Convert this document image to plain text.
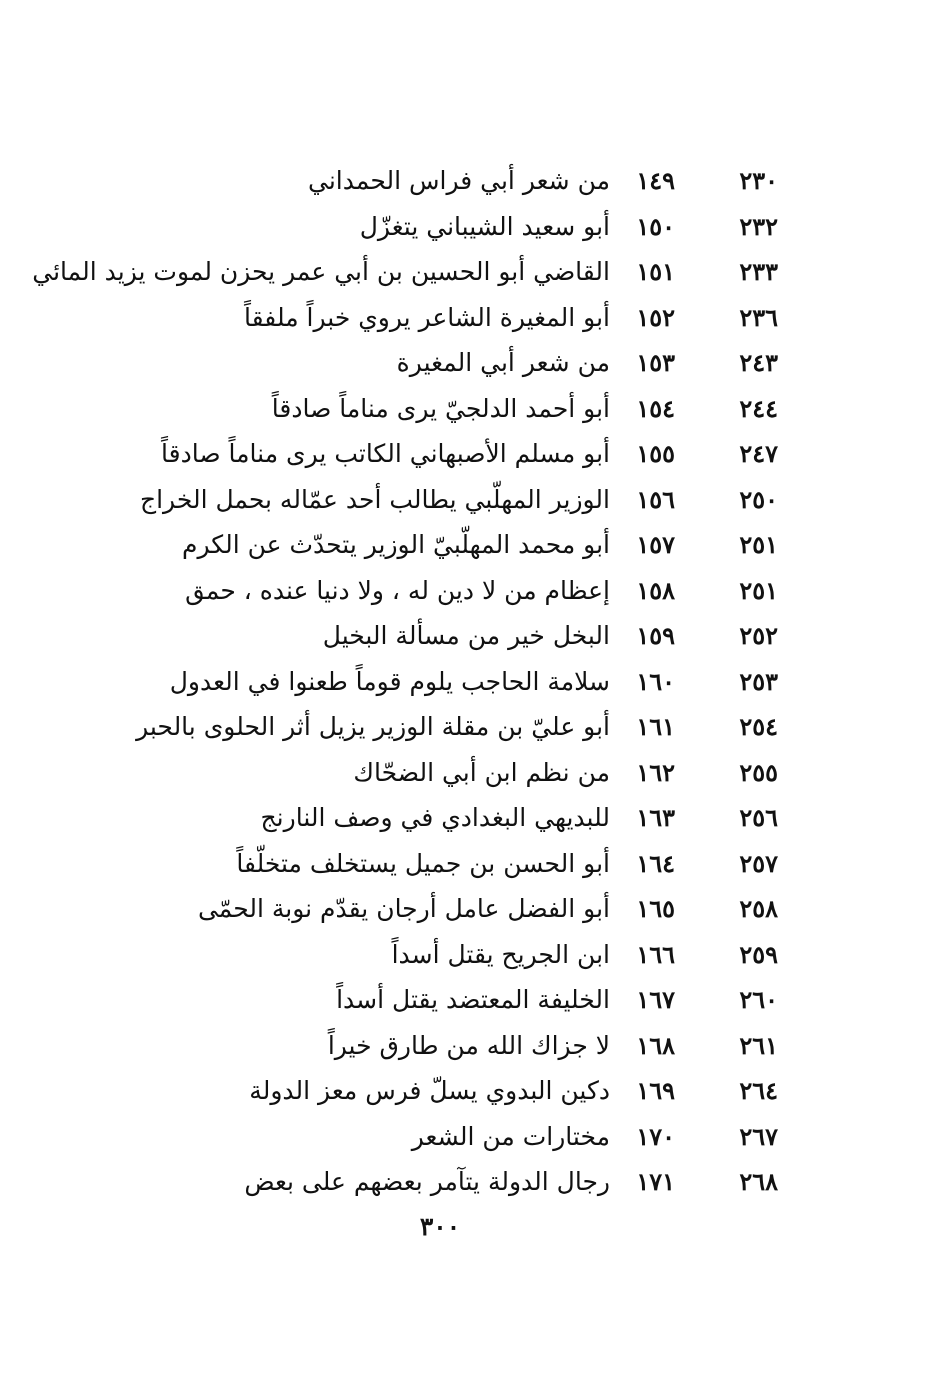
٢٣٠
١٤٩
من شعر أبي فراس الحمداني
٢٣٢
١٥٠
أبو سعيد الشيباني يتغزّل
٢٣٣
١٥١
القاضي أبو الحسين بن أبي عمر يحزن لموت يزيد المائي
٢٣٦
١٥٢
أبو المغيرة الشاعر يروي خبراً ملفقاً
٢٤٣
١٥٣
من شعر أبي المغيرة
٢٤٤
١٥٤
أبو أحمد الدلجيّ يرى مناماً صادقاً
٢٤٧
١٥٥
أبو مسلم الأصبهاني الكاتب يرى مناماً صادقاً
٢٥٠
١٥٦
الوزير المهلّبي يطالب أحد عمّاله بحمل الخراج
٢٥١
١٥٧
أبو محمد المهلّبيّ الوزير يتحدّث عن الكرم
٢٥١
١٥٨
إعظام من لا دين له ، ولا دنيا عنده ، حمق
٢٥٢
١٥٩
البخل خير من مسألة البخيل
٢٥٣
١٦٠
سلامة الحاجب يلوم قوماً طعنوا في العدول
٢٥٤
١٦١
أبو عليّ بن مقلة الوزير يزيل أثر الحلوى بالحبر
٢٥٥
١٦٢
من نظم ابن أبي الضحّاك
٢٥٦
١٦٣
للبديهي البغدادي في وصف النارنج
٢٥٧
١٦٤
أبو الحسن بن جميل يستخلف متخلّفاً
٢٥٨
١٦٥
أبو الفضل عامل أرجان يقدّم نوبة الحمّى
٢٥٩
١٦٦
ابن الجريح يقتل أسداً
٢٦٠
١٦٧
الخليفة المعتضد يقتل أسداً
٢٦١
١٦٨
لا جزاك الله من طارق خيراً
٢٦٤
١٦٩
دكين البدوي يسلّ فرس معز الدولة
٢٦٧
١٧٠
مختارات من الشعر
٢٦٨
١٧١
رجال الدولة يتآمر بعضهم على بعض
٣٠٠
